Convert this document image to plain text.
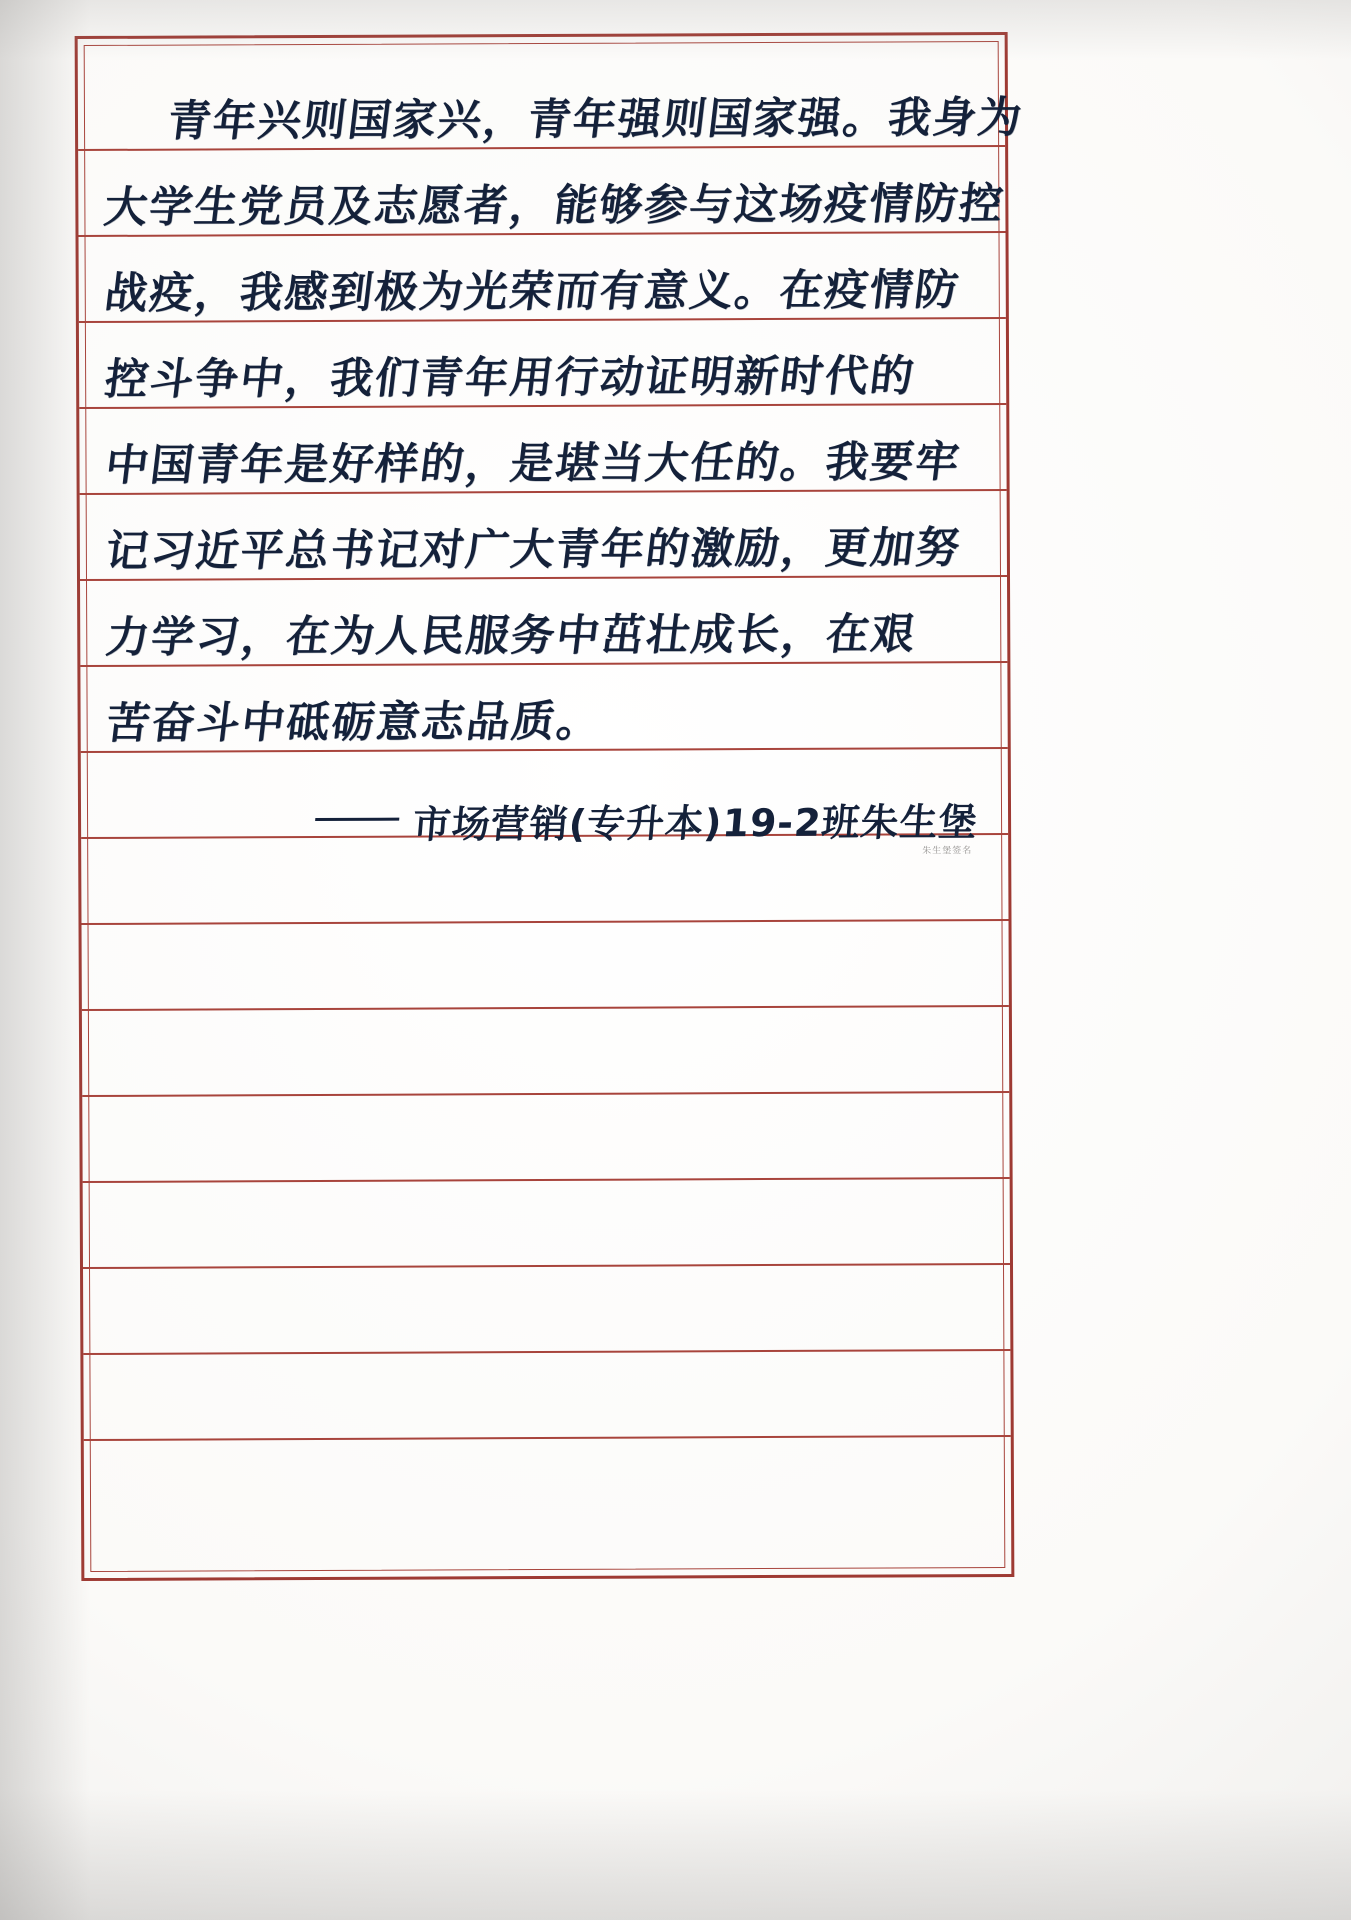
青年兴则国家兴，青年强则国家强。我身为
大学生党员及志愿者，能够参与这场疫情防控
战疫，我感到极为光荣而有意义。在疫情防
控斗争中，我们青年用行动证明新时代的
中国青年是好样的，是堪当大任的。我要牢
记习近平总书记对广大青年的激励，更加努
力学习，在为人民服务中茁壮成长，在艰
苦奋斗中砥砺意志品质。
市场营销(专升本)19-2班朱生堡
朱生堡签名
